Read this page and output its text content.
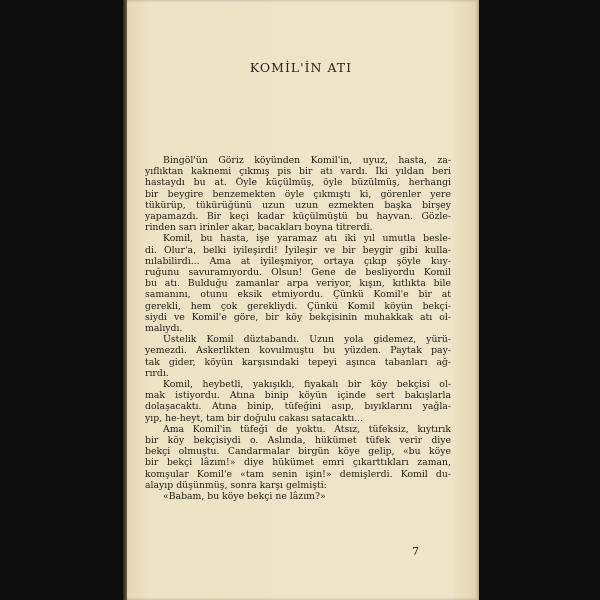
KOMİL'İN ATI
Bingöl'ün Göriz köyünden Komil'in, uyuz, hasta, za-
yıflıktan kaknemi çıkmış pis bir atı vardı. İki yıldan beri
hastaydı bu at. Öyle küçülmüş, öyle büzülmüş, herhangi
bir beygire benzemekten öyle çıkmıştı ki, görenler yere
tükürüp, tükürüğünü uzun uzun ezmekten başka birşey
yapamazdı. Bir keçi kadar küçülmüştü bu hayvan. Gözle-
rinden sarı irinler akar, bacakları boyna titrerdi.
Komil, bu hasta, işe yaramaz atı iki yıl umutla besle-
di. Olur'a, belki iyileşirdi! İyileşir ve bir beygir gibi kulla-
nılabilirdi... Ama at iyileşmiyor, ortaya çıkıp şöyle kuy-
ruğunu savuramıyordu. Olsun! Gene de besliyordu Komil
bu atı. Bulduğu zamanlar arpa veriyor, kışın, kıtlıkta bile
samanını, otunu eksik etmiyordu. Çünkü Komil'e bir at
gerekli, hem çok gerekliydi. Çünkü Komil köyün bekçi-
siydi ve Komil'e göre, bir köy bekçisinin muhakkak atı ol-
malıydı.
Üstelik Komil düztabandı. Uzun yola gidemez, yürü-
yemezdi. Askerlikten kovulmuştu bu yüzden. Paytak pay-
tak gider, köyün karşısındaki tepeyi aşınca tabanları ağ-
rırdı.
Komil, heybetli, yakışıklı, fiyakalı bir köy bekçisi ol-
mak istiyordu. Atına binip köyün içinde sert bakışlarla
dolaşacaktı. Atına binip, tüfeğini asıp, bıyıklarını yağla-
yıp, he-heyt, tam bir doğulu cakası satacaktı...
Ama Komil'in tüfeği de yoktu. Atsız, tüfeksiz, kıytırık
bir köy bekçisiydi o. Aslında, hükümet tüfek verir diye
bekçi olmuştu. Candarmalar birgün köye gelip, «bu köye
bir bekçi lâzım!» diye hükümet emri çıkarttıkları zaman,
komşular Komil'e «tam senin işin!» demişlerdi. Komil du-
alayıp düşünmüş, sonra karşı gelmişti:
«Babam, bu köye bekçi ne lâzım?»
7
